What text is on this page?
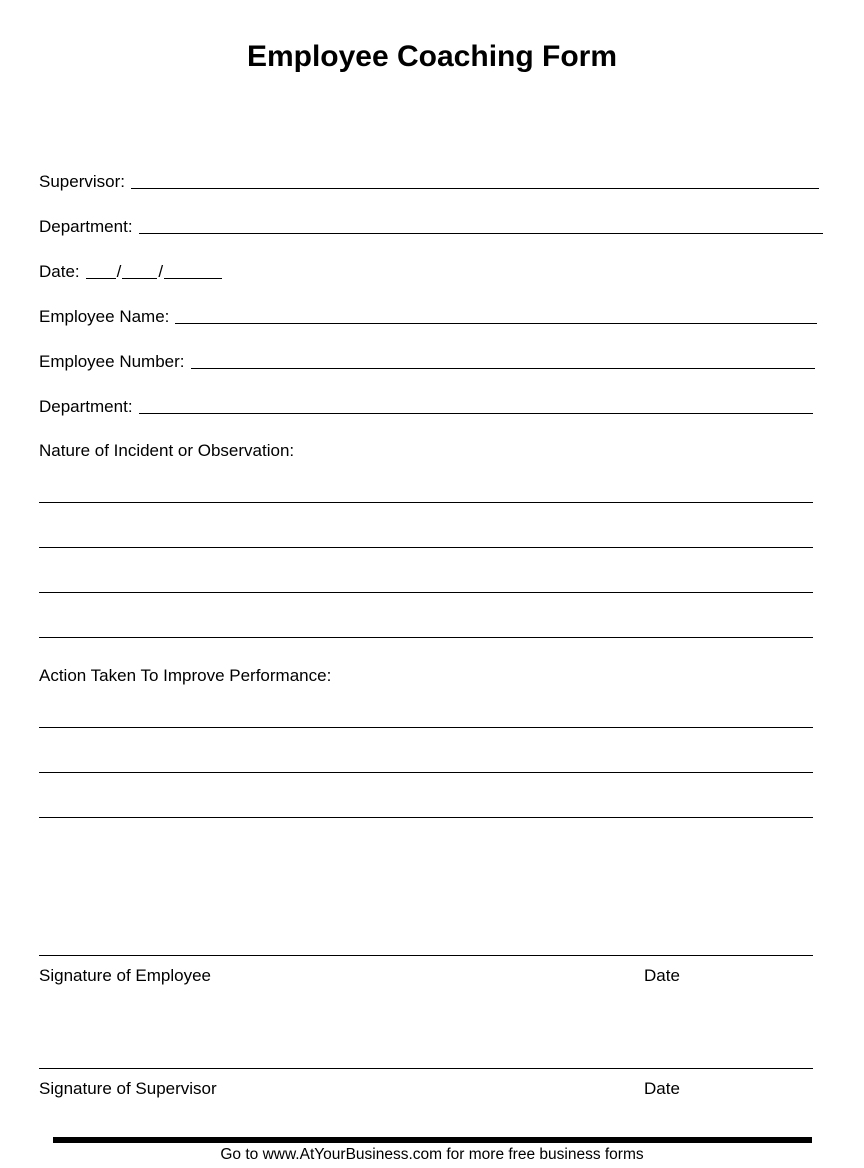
Employee Coaching Form
Supervisor:
Department:
Date:	/ /
Employee Name:
Employee Number:
Department:
Nature of Incident or Observation:
Action Taken To Improve Performance:
Signature of Employee	Date
Signature of Supervisor	Date
Go to www.AtYourBusiness.com for more free business forms
